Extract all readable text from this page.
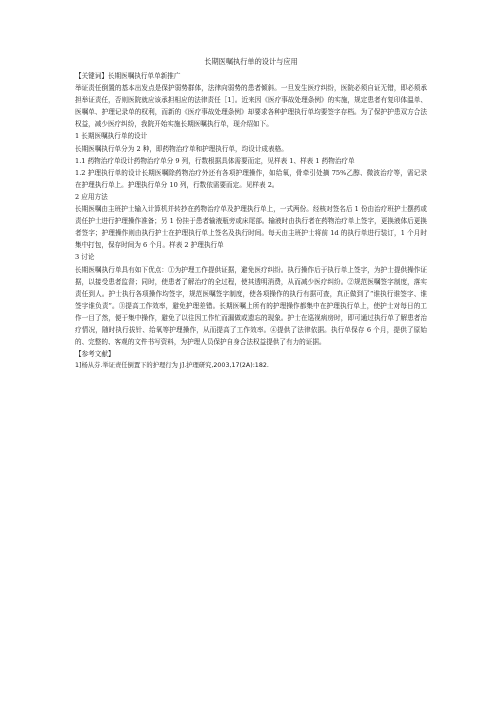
长期医嘱执行单的设计与应用

【关键词】长期医嘱执行单单新推广

举证责任倒置的基本出发点是保护弱势群体，法律向弱势的患者倾斜。一旦发生医疗纠纷，医院必须自证无错，即必须承担举证责任，否则医院就应该承担相应的法律责任［1］。近来因《医疗事故处理条例》的实施，规定患者有复印体温单、医嘱单、护理记录单的权利，而新的《医疗事故处理条例》却要求各种护理执行单均要签字存档。为了保护护患双方合法权益，减少医疗纠纷，我院开始实施长期医嘱执行单，现介绍如下。

1 长期医嘱执行单的设计

长期医嘱执行单分为 2 种，即药物治疗单和护理执行单，均设计成表格。

1.1 药物治疗单设计药物治疗单分 9 列，行数根据具体需要而定，见样表 1、样表 1 药物治疗单

1.2 护理执行单的设计长期医嘱除药物治疗外还有各项护理操作，如给氧，骨牵引处摘 75%乙醇、微波治疗等，需记录在护理执行单上。护理执行单分 10 列，行数依需要而定。见样表 2。

2 应用方法

长期医嘱由主班护士输入计算机并转抄在药物治疗单及护理执行单上，一式两份。经核对签名后 1 份由治疗班护士摆药或责任护士进行护理操作准备；另 1 份挂于患者输液瓶旁或床尾部。输液时由执行者在药物治疗单上签字，更换液体后更换者签字；护理操作则由执行护士在护理执行单上签名及执行时间。每天由主班护士将前 1d 的执行单进行装订，1 个月时集中打包，保存时间为 6 个月。样表 2 护理执行单

3 讨论

长期医嘱执行单具有如下优点：①为护理工作提供证据，避免医疗纠纷。执行操作后于执行单上签字，为护士提供操作证据，以接受患者监督；同时，使患者了解治疗的全过程，使其透明消费，从而减少医疗纠纷。②规范医嘱签字制度，落实责任到人。护士执行各项操作均签字，规范医嘱签字制度，使各项操作的执行有据可查，真正做到了“谁执行谁签字、谁签字谁负责”。③提高工作效率，避免护理差错。长期医嘱上所有的护理操作都集中在护理执行单上，使护士对每日的工作一目了然，便于集中操作，避免了以往因工作忙而漏做或遗忘的现象。护士在巡视病房时，即可通过执行单了解患者治疗情况，随时执行拔针、给氧等护理操作，从而提高了工作效率。④提供了法律依据。执行单保存 6 个月，提供了原始的、完整的、客观的文件书写资料，为护理人员保护自身合法权益提供了有力的证据。

【参考文献】

1]杨从芬.举证责任倒置下的护理行为 J].护理研究,2003,17(2A):182.
